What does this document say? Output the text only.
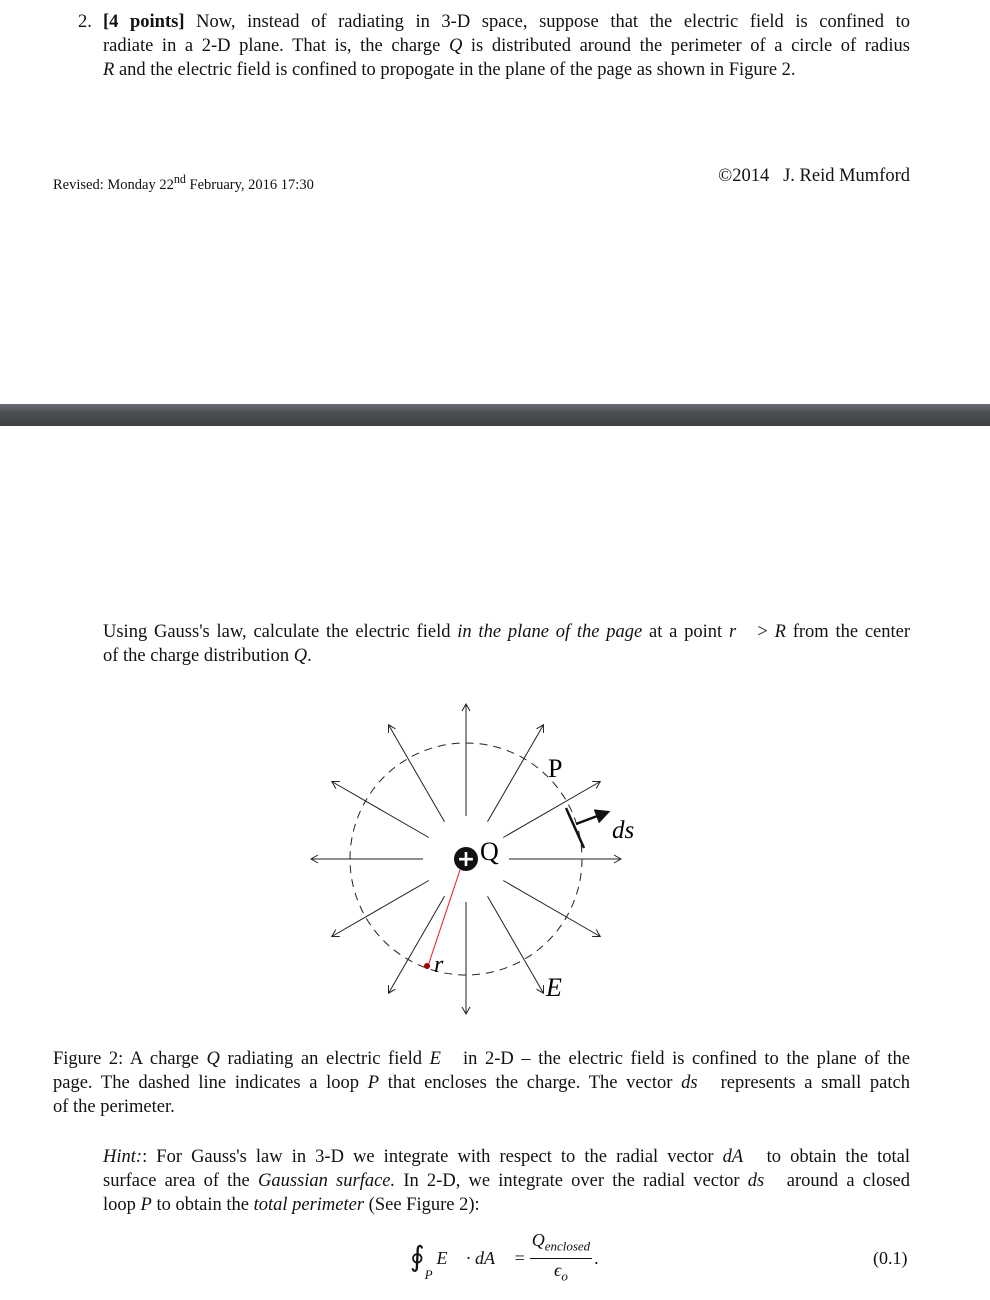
2. [4 points] Now, instead of radiating in 3-D space, suppose that the electric field is confined to
radiate in a 2-D plane. That is, the charge Q is distributed around the perimeter of a circle of radius
R and the electric field is confined to propogate in the plane of the page as shown in Figure 2.
Revised: Monday 22nd February, 2016 17:30	©2014   J. Reid Mumford
Using Gauss's law, calculate the electric field in the plane of the page at a point r⃗ > R from the center
of the charge distribution Q.
+ Q
P
ds⃗
r⃗
E⃗
Figure 2: A charge Q radiating an electric field E⃗ in 2-D – the electric field is confined to the plane of the
page. The dashed line indicates a loop P that encloses the charge. The vector ds⃗ represents a small patch
of the perimeter.
Hint:: For Gauss's law in 3-D we integrate with respect to the radial vector dA⃗ to obtain the total
surface area of the Gaussian surface. In 2-D, we integrate over the radial vector ds⃗ around a closed
loop P to obtain the total perimeter (See Figure 2):
∮
P
E⃗ · dA⃗ = $\frac{Q_{enclosed}}{\epsilon_o}$ .	(0.1)
